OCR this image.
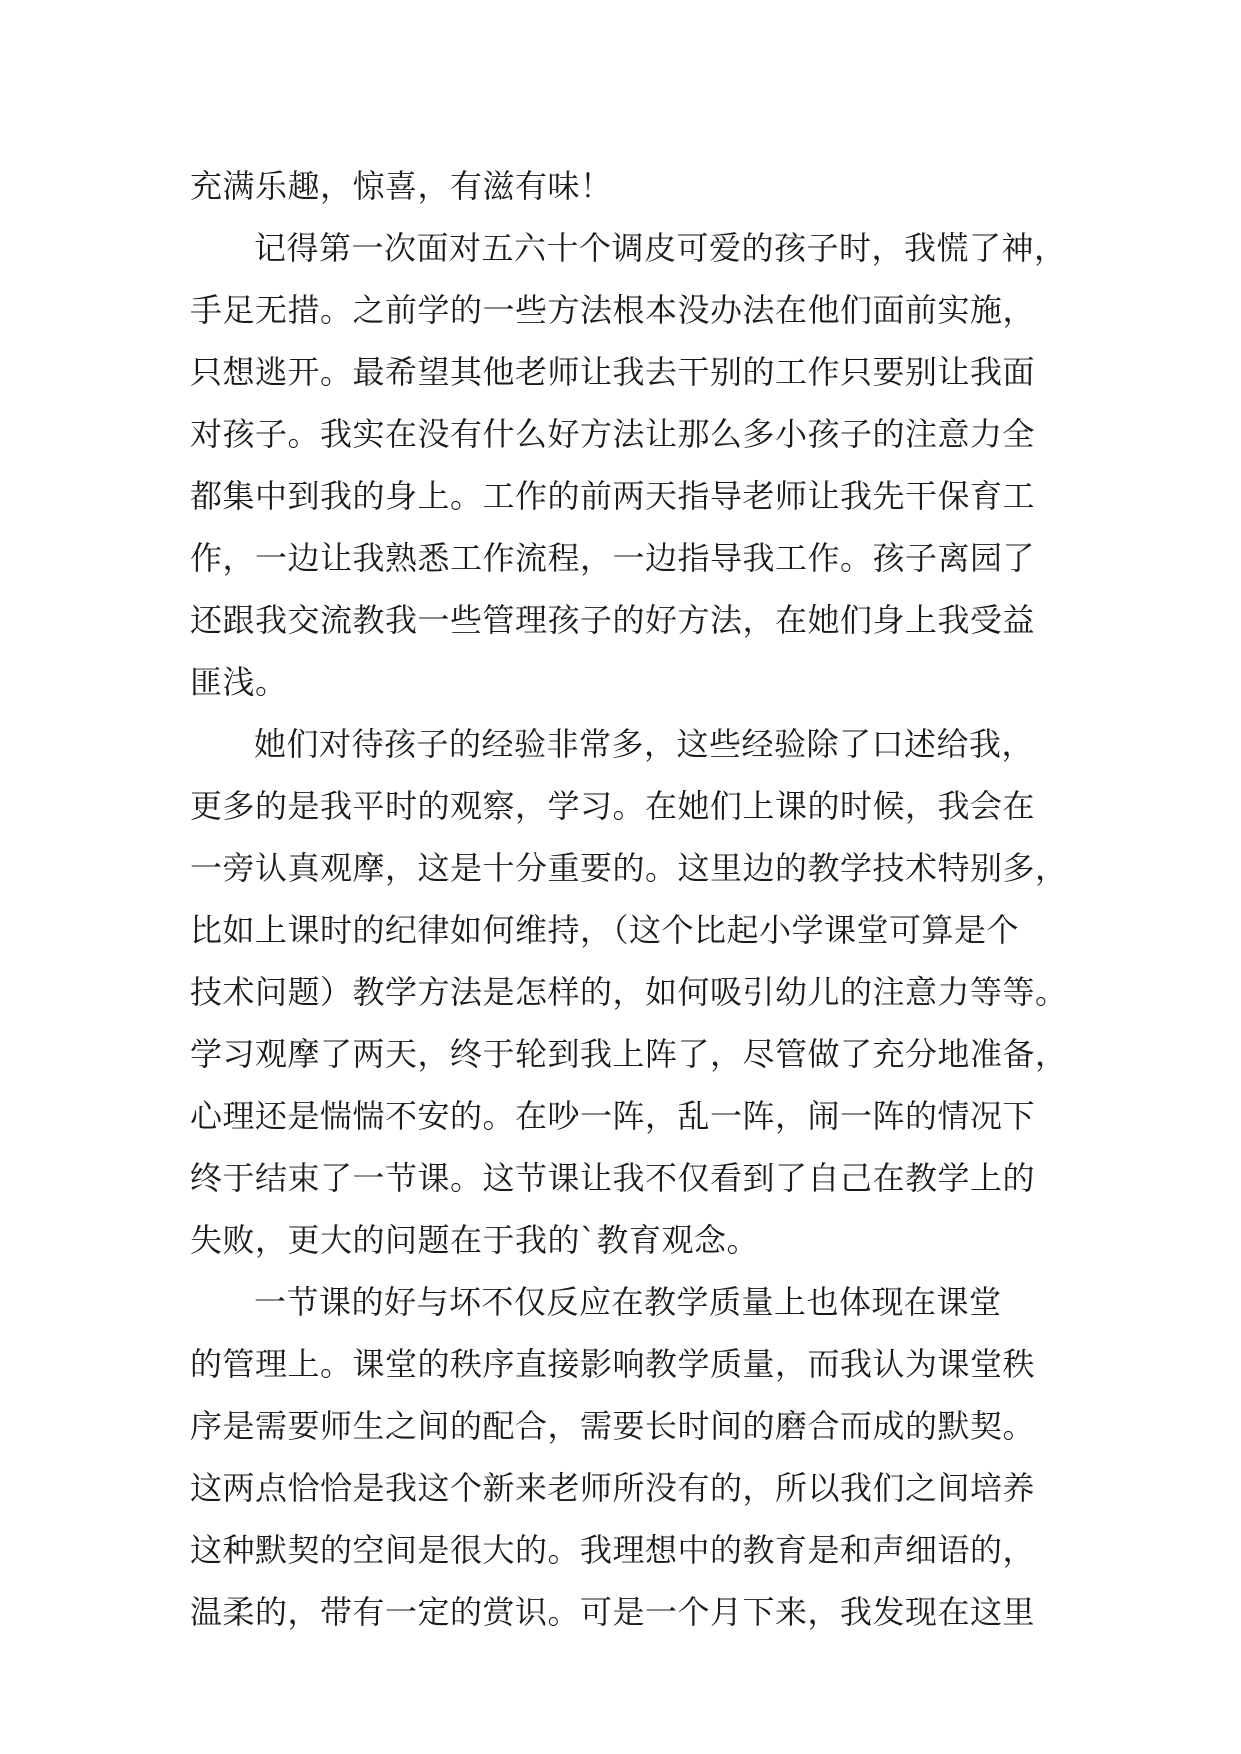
充满乐趣，惊喜，有滋有味！
记得第一次面对五六十个调皮可爱的孩子时，我慌了神，
手足无措。之前学的一些方法根本没办法在他们面前实施，
只想逃开。最希望其他老师让我去干别的工作只要别让我面
对孩子。我实在没有什么好方法让那么多小孩子的注意力全
都集中到我的身上。工作的前两天指导老师让我先干保育工
作，一边让我熟悉工作流程，一边指导我工作。孩子离园了
还跟我交流教我一些管理孩子的好方法，在她们身上我受益
匪浅。
她们对待孩子的经验非常多，这些经验除了口述给我，
更多的是我平时的观察，学习。在她们上课的时候，我会在
一旁认真观摩，这是十分重要的。这里边的教学技术特别多，
比如上课时的纪律如何维持，（这个比起小学课堂可算是个
技术问题）教学方法是怎样的，如何吸引幼儿的注意力等等。
学习观摩了两天，终于轮到我上阵了，尽管做了充分地准备，
心理还是惴惴不安的。在吵一阵，乱一阵，闹一阵的情况下
终于结束了一节课。这节课让我不仅看到了自己在教学上的
失败，更大的问题在于我的`教育观念。
一节课的好与坏不仅反应在教学质量上也体现在课堂
的管理上。课堂的秩序直接影响教学质量，而我认为课堂秩
序是需要师生之间的配合，需要长时间的磨合而成的默契。
这两点恰恰是我这个新来老师所没有的，所以我们之间培养
这种默契的空间是很大的。我理想中的教育是和声细语的，
温柔的，带有一定的赏识。可是一个月下来，我发现在这里
